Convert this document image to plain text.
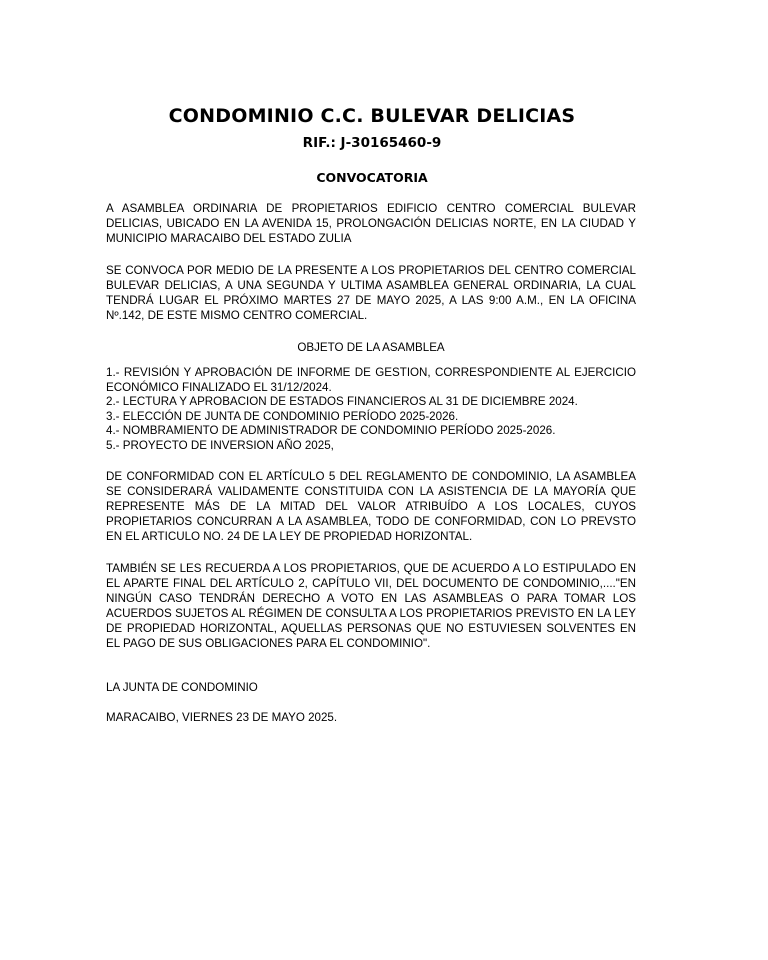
CONDOMINIO C.C. BULEVAR DELICIAS
RIF.: J-30165460-9
CONVOCATORIA

A ASAMBLEA ORDINARIA DE PROPIETARIOS EDIFICIO CENTRO COMERCIAL BULEVAR DELICIAS, UBICADO EN LA AVENIDA 15, PROLONGACIÓN DELICIAS NORTE, EN LA CIUDAD Y MUNICIPIO MARACAIBO DEL ESTADO ZULIA

SE CONVOCA POR MEDIO DE LA PRESENTE A LOS PROPIETARIOS DEL CENTRO COMERCIAL BULEVAR DELICIAS, A UNA SEGUNDA Y ULTIMA ASAMBLEA GENERAL ORDINARIA, LA CUAL TENDRÁ LUGAR EL PRÓXIMO MARTES 27 DE MAYO 2025, A LAS 9:00 A.M., EN LA OFICINA Nº.142, DE ESTE MISMO CENTRO COMERCIAL.

OBJETO DE LA ASAMBLEA
1.- REVISIÓN Y APROBACIÓN DE INFORME DE GESTION, CORRESPONDIENTE AL EJERCICIO ECONÓMICO FINALIZADO EL 31/12/2024.
2.- LECTURA Y APROBACION DE ESTADOS FINANCIEROS AL 31 DE DICIEMBRE 2024.
3.- ELECCIÓN DE JUNTA DE CONDOMINIO PERÍODO 2025-2026.
4.- NOMBRAMIENTO DE ADMINISTRADOR DE CONDOMINIO PERÍODO 2025-2026.
5.- PROYECTO DE INVERSION AÑO 2025,

DE CONFORMIDAD CON EL ARTÍCULO 5 DEL REGLAMENTO DE CONDOMINIO, LA ASAMBLEA SE CONSIDERARÁ VALIDAMENTE CONSTITUIDA CON LA ASISTENCIA DE LA MAYORÍA QUE REPRESENTE MÁS DE LA MITAD DEL VALOR ATRIBUÍDO A LOS LOCALES, CUYOS PROPIETARIOS CONCURRAN A LA ASAMBLEA, TODO DE CONFORMIDAD, CON LO PREVSTO EN EL ARTICULO NO. 24 DE LA LEY DE PROPIEDAD HORIZONTAL.

TAMBIÉN SE LES RECUERDA A LOS PROPIETARIOS, QUE DE ACUERDO A LO ESTIPULADO EN EL APARTE FINAL DEL ARTÍCULO 2, CAPÍTULO VII, DEL DOCUMENTO DE CONDOMINIO,...."EN NINGÚN CASO TENDRÁN DERECHO A VOTO EN LAS ASAMBLEAS O PARA TOMAR LOS ACUERDOS SUJETOS AL RÉGIMEN DE CONSULTA A LOS PROPIETARIOS PREVISTO EN LA LEY DE PROPIEDAD HORIZONTAL, AQUELLAS PERSONAS QUE NO ESTUVIESEN SOLVENTES EN EL PAGO DE SUS OBLIGACIONES PARA EL CONDOMINIO".

LA JUNTA DE CONDOMINIO
MARACAIBO, VIERNES 23 DE MAYO 2025.
